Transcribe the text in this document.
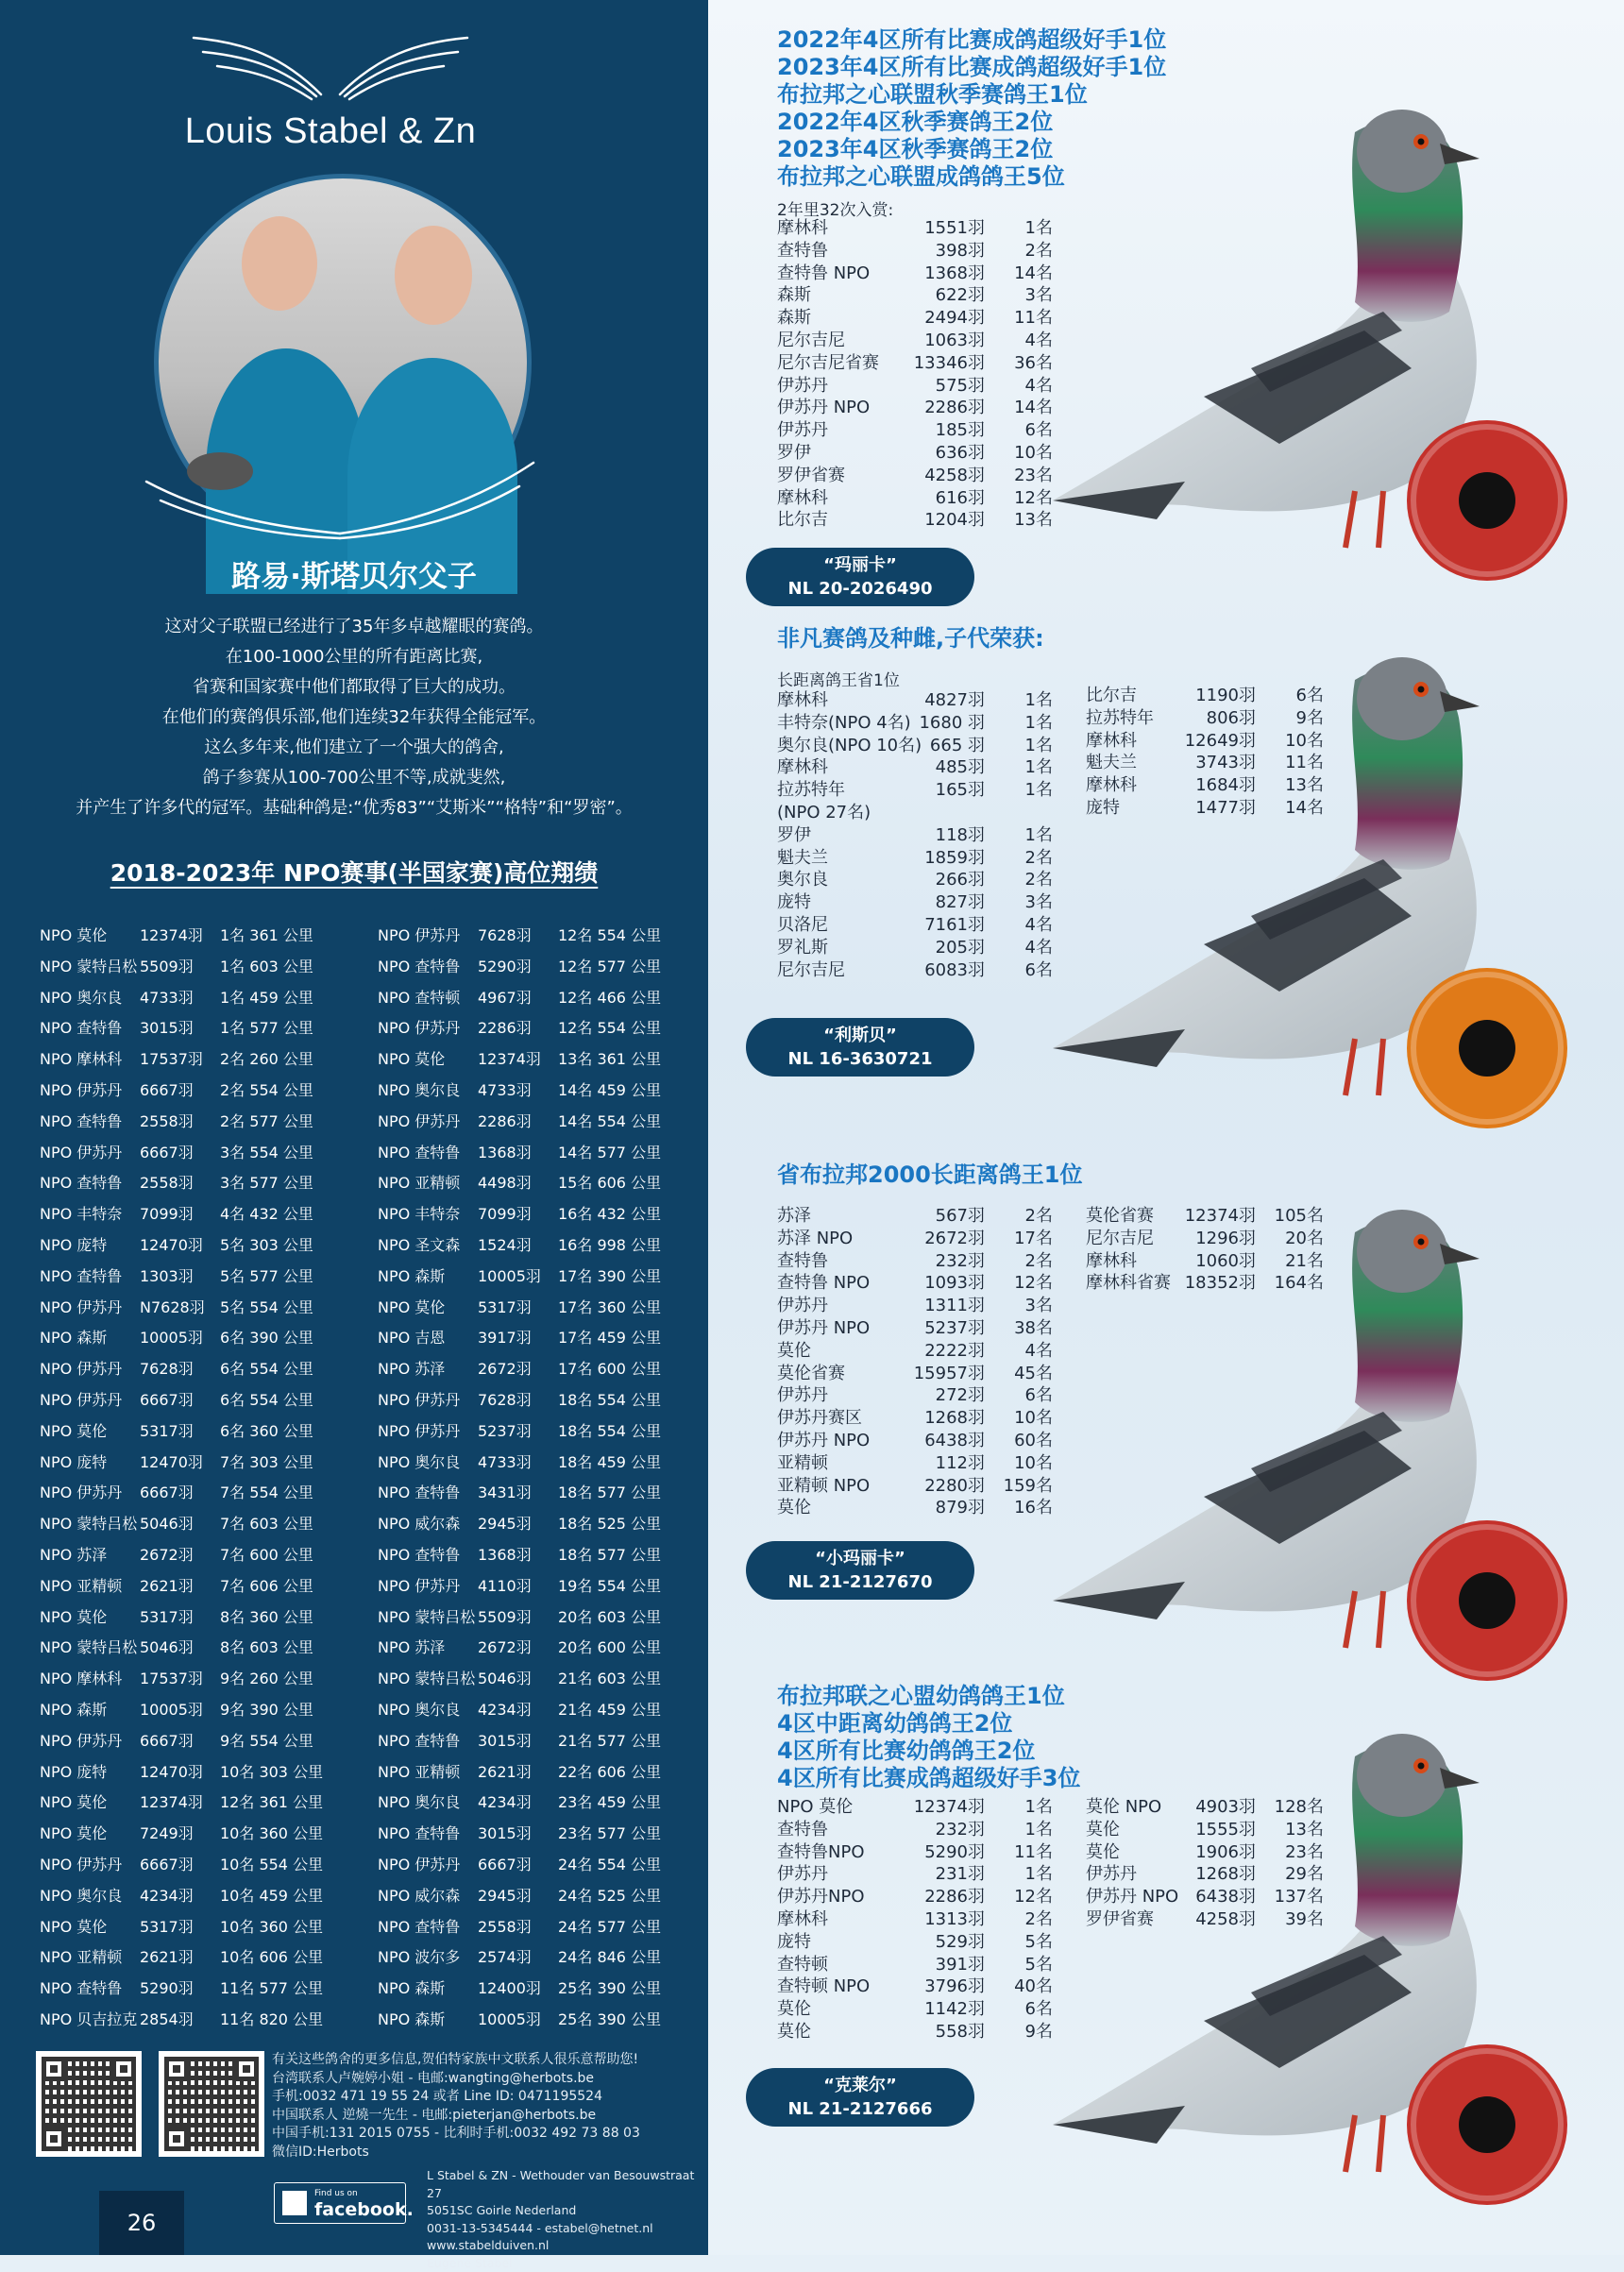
Louis Stabel & Zn
路易·斯塔贝尔父子
这对父子联盟已经进行了35年多卓越耀眼的赛鸽。
在100-1000公里的所有距离比赛,
省赛和国家赛中他们都取得了巨大的成功。
在他们的赛鸽俱乐部,他们连续32年获得全能冠军。
这么多年来,他们建立了一个强大的鸽舍,
鸽子参赛从100-700公里不等,成就斐然,
并产生了许多代的冠军。基础种鸽是:“优秀83”“艾斯米”“格特”和“罗密”。
2018-2023年 NPO赛事(半国家赛)高位翔绩
NPO 莫伦 12374羽 1名 361 公里
NPO 蒙特吕松 5509羽 1名 603 公里
NPO 奥尔良 4733羽 1名 459 公里
NPO 查特鲁 3015羽 1名 577 公里
NPO 摩林科 17537羽 2名 260 公里
NPO 伊苏丹 6667羽 2名 554 公里
NPO 查特鲁 2558羽 2名 577 公里
NPO 伊苏丹 6667羽 3名 554 公里
NPO 查特鲁 2558羽 3名 577 公里
NPO 丰特奈 7099羽 4名 432 公里
NPO 庞特 12470羽 5名 303 公里
NPO 查特鲁 1303羽 5名 577 公里
NPO 伊苏丹 N7628羽 5名 554 公里
NPO 森斯 10005羽 6名 390 公里
NPO 伊苏丹 7628羽 6名 554 公里
NPO 伊苏丹 6667羽 6名 554 公里
NPO 莫伦 5317羽 6名 360 公里
NPO 庞特 12470羽 7名 303 公里
NPO 伊苏丹 6667羽 7名 554 公里
NPO 蒙特吕松 5046羽 7名 603 公里
NPO 苏泽 2672羽 7名 600 公里
NPO 亚精顿 2621羽 7名 606 公里
NPO 莫伦 5317羽 8名 360 公里
NPO 蒙特吕松 5046羽 8名 603 公里
NPO 摩林科 17537羽 9名 260 公里
NPO 森斯 10005羽 9名 390 公里
NPO 伊苏丹 6667羽 9名 554 公里
NPO 庞特 12470羽 10名 303 公里
NPO 莫伦 12374羽 12名 361 公里
NPO 莫伦 7249羽 10名 360 公里
NPO 伊苏丹 6667羽 10名 554 公里
NPO 奥尔良 4234羽 10名 459 公里
NPO 莫伦 5317羽 10名 360 公里
NPO 亚精顿 2621羽 10名 606 公里
NPO 查特鲁 5290羽 11名 577 公里
NPO 贝吉拉克 2854羽 11名 820 公里
NPO 伊苏丹 7628羽 12名 554 公里
NPO 查特鲁 5290羽 12名 577 公里
NPO 查特顿 4967羽 12名 466 公里
NPO 伊苏丹 2286羽 12名 554 公里
NPO 莫伦 12374羽 13名 361 公里
NPO 奥尔良 4733羽 14名 459 公里
NPO 伊苏丹 2286羽 14名 554 公里
NPO 查特鲁 1368羽 14名 577 公里
NPO 亚精顿 4498羽 15名 606 公里
NPO 丰特奈 7099羽 16名 432 公里
NPO 圣文森 1524羽 16名 998 公里
NPO 森斯 10005羽 17名 390 公里
NPO 莫伦 5317羽 17名 360 公里
NPO 吉恩 3917羽 17名 459 公里
NPO 苏泽 2672羽 17名 600 公里
NPO 伊苏丹 7628羽 18名 554 公里
NPO 伊苏丹 5237羽 18名 554 公里
NPO 奥尔良 4733羽 18名 459 公里
NPO 查特鲁 3431羽 18名 577 公里
NPO 威尔森 2945羽 18名 525 公里
NPO 查特鲁 1368羽 18名 577 公里
NPO 伊苏丹 4110羽 19名 554 公里
NPO 蒙特吕松 5509羽 20名 603 公里
NPO 苏泽 2672羽 20名 600 公里
NPO 蒙特吕松 5046羽 21名 603 公里
NPO 奥尔良 4234羽 21名 459 公里
NPO 查特鲁 3015羽 21名 577 公里
NPO 亚精顿 2621羽 22名 606 公里
NPO 奥尔良 4234羽 23名 459 公里
NPO 查特鲁 3015羽 23名 577 公里
NPO 伊苏丹 6667羽 24名 554 公里
NPO 威尔森 2945羽 24名 525 公里
NPO 查特鲁 2558羽 24名 577 公里
NPO 波尔多 2574羽 24名 846 公里
NPO 森斯 12400羽 25名 390 公里
NPO 森斯 10005羽 25名 390 公里
有关这些鸽舍的更多信息,贺伯特家族中文联系人很乐意帮助您!
台湾联系人卢婉婷小姐 - 电邮:wangting@herbots.be
手机:0032 471 19 55 24 或者 Line ID: 0471195524
中国联系人 逆燒一先生 - 电邮:pieterjan@herbots.be
中国手机:131 2015 0755 - 比利时手机:0032 492 73 88 03
微信ID:Herbots
Find us on
facebook.
L Stabel & ZN - Wethouder van Besouwstraat 27
5051SC Goirle Nederland
0031-13-5345444 - estabel@hetnet.nl
www.stabelduiven.nl
Eugene Stabel
26
2022年4区所有比赛成鸽超级好手1位
2023年4区所有比赛成鸽超级好手1位
布拉邦之心联盟秋季赛鸽王1位
2022年4区秋季赛鸽王2位
2023年4区秋季赛鸽王2位
布拉邦之心联盟成鸽鸽王5位
2年里32次入赏:
摩林科	1551羽 1名
查特鲁	398羽 2名
查特鲁 NPO	1368羽 14名
森斯	622羽 3名
森斯	2494羽 11名
尼尔吉尼	1063羽 4名
尼尔吉尼省赛 13346羽 36名
伊苏丹	575羽 4名
伊苏丹 NPO	2286羽 14名
伊苏丹	185羽 6名
罗伊	636羽 10名
罗伊省赛	4258羽 23名
摩林科	616羽 12名
比尔吉	1204羽 13名
“玛丽卡”
NL 20-2026490
非凡赛鸽及种雌,子代荣获:
长距离鸽王省1位
摩林科	4827羽 1名
丰特奈(NPO 4名) 1680 羽 1名
奥尔良(NPO 10名) 665 羽 1名
摩林科	485羽 1名
拉苏特年	165羽 1名
(NPO 27名)
罗伊	118羽 1名
魁夫兰	1859羽 2名
奥尔良	266羽 2名
庞特	827羽 3名
贝洛尼	7161羽 4名
罗礼斯	205羽 4名
尼尔吉尼	6083羽 6名
比尔吉	1190羽 6名
拉苏特年	806羽 9名
摩林科	12649羽 10名
魁夫兰	3743羽 11名
摩林科	1684羽 13名
庞特	1477羽 14名
“利斯贝”
NL 16-3630721
省布拉邦2000长距离鸽王1位
苏泽	567羽 2名
苏泽 NPO	2672羽 17名
查特鲁	232羽 2名
查特鲁 NPO	1093羽 12名
伊苏丹	1311羽 3名
伊苏丹 NPO	5237羽 38名
莫伦	2222羽 4名
莫伦省赛	15957羽 45名
伊苏丹	272羽 6名
伊苏丹赛区	1268羽 10名
伊苏丹 NPO	6438羽 60名
亚精顿	112羽 10名
亚精顿 NPO	2280羽 159名
莫伦	879羽 16名
莫伦省赛 12374羽 105名
尼尔吉尼 1296羽 20名
摩林科	1060羽 21名
摩林科省赛 18352羽 164名
“小玛丽卡”
NL 21-2127670
布拉邦联之心盟幼鸽鸽王1位
4区中距离幼鸽鸽王2位
4区所有比赛幼鸽鸽王2位
4区所有比赛成鸽超级好手3位
NPO 莫伦	12374羽 1名
查特鲁	232羽 1名
查特鲁NPO	5290羽 11名
伊苏丹	231羽 1名
伊苏丹NPO	2286羽 12名
摩林科	1313羽 2名
庞特	529羽 5名
查特顿	391羽 5名
查特顿 NPO	3796羽 40名
莫伦	1142羽 6名
莫伦	558羽 9名
莫伦 NPO 4903羽 128名
莫伦	1555羽 13名
莫伦	1906羽 23名
伊苏丹	1268羽 29名
伊苏丹 NPO 6438羽 137名
罗伊省赛 4258羽 39名
“克莱尔”
NL 21-2127666
